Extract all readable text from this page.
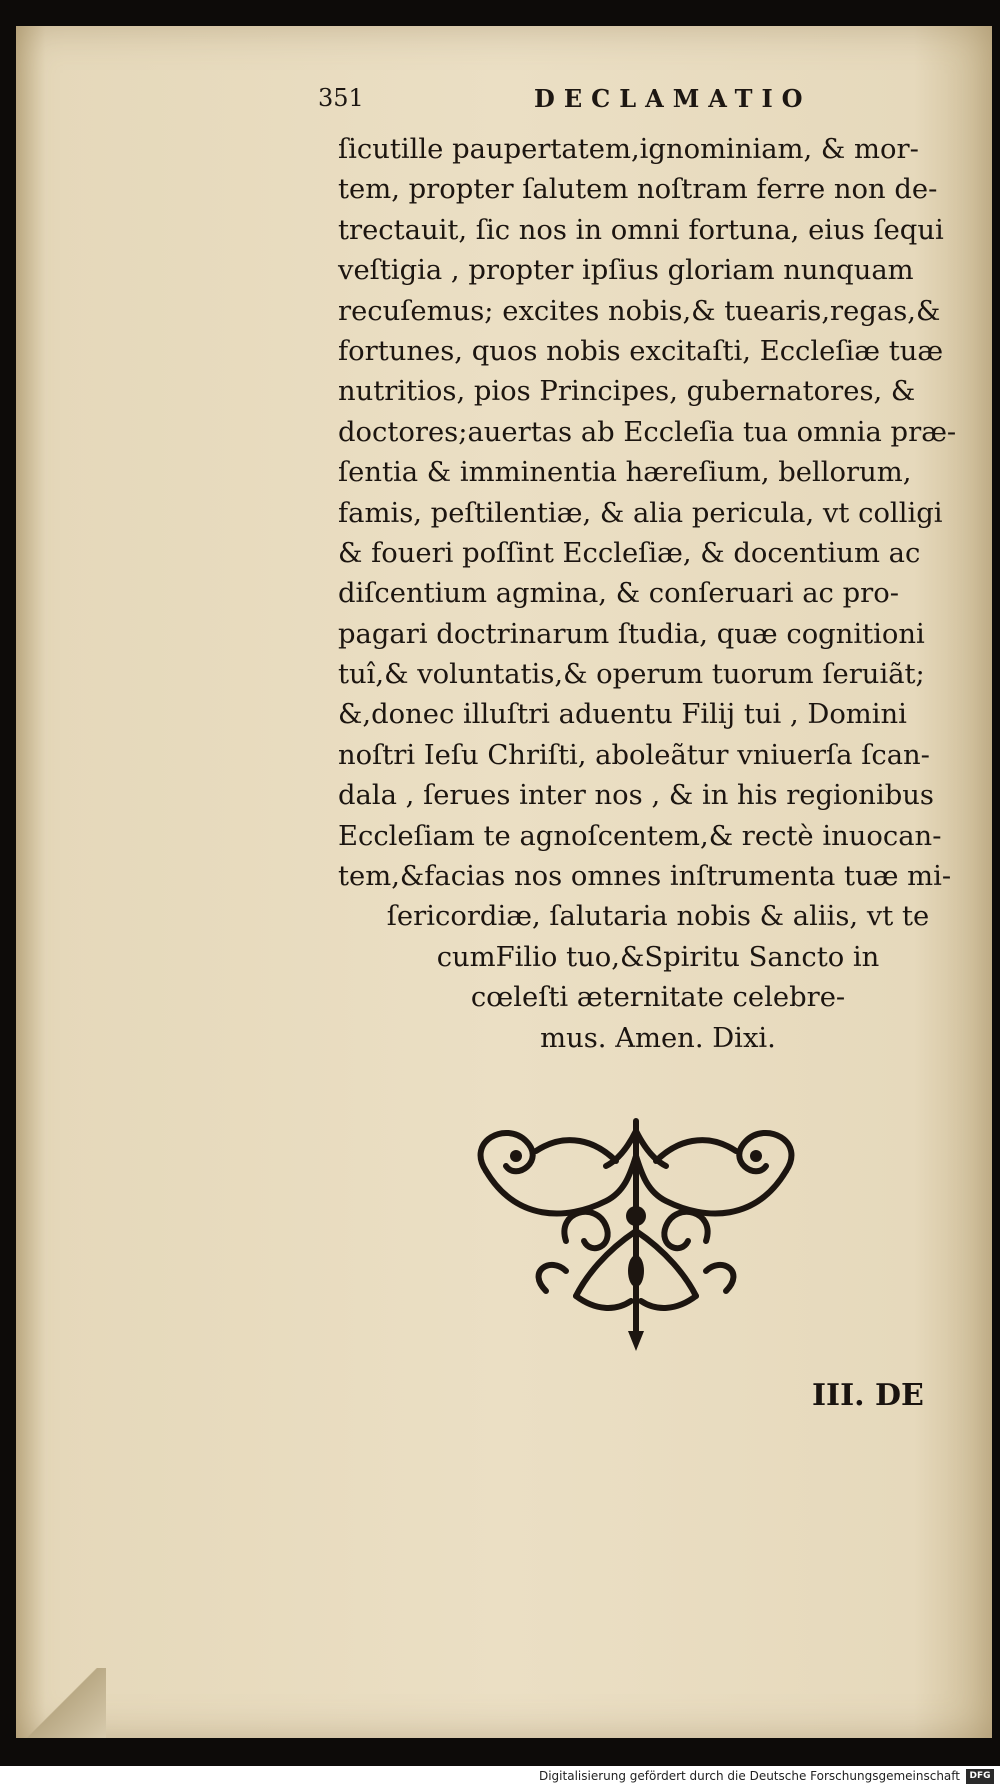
351	DECLAMATIO
ſicutille paupertatem,ignominiam, & mor-
tem, propter ſalutem noſtram ferre non de-
trectauit, ſic nos in omni fortuna, eius ſequi
veſtigia , propter ipſius gloriam nunquam
recuſemus; excites nobis,& tuearis,regas,&
fortunes, quos nobis excitaſti, Eccleſiæ tuæ
nutritios, pios Principes, gubernatores, &
doctores;auertas ab Eccleſia tua omnia præ-
ſentia & imminentia hæreſium, bellorum,
famis, peſtilentiæ, & alia pericula, vt colligi
& foueri poſſint Eccleſiæ, & docentium ac
diſcentium agmina, & conſeruari ac pro-
pagari doctrinarum ſtudia, quæ cognitioni
tuî,& voluntatis,& operum tuorum ſeruiãt;
&,donec illuſtri aduentu Filij tui , Domini
noſtri Ieſu Chriſti, aboleãtur vniuerſa ſcan-
dala , ſerues inter nos , & in his regionibus
Eccleſiam te agnoſcentem,& rectè inuocan-
tem,&facias nos omnes inſtrumenta tuæ mi-
ſericordiæ, ſalutaria nobis & aliis, vt te
cumFilio tuo,&Spiritu Sancto in
cœleſti æternitate celebre-
mus. Amen. Dixi.
III. DE
Digitalisierung gefördert durch die Deutsche Forschungsgemeinschaft	DFG
